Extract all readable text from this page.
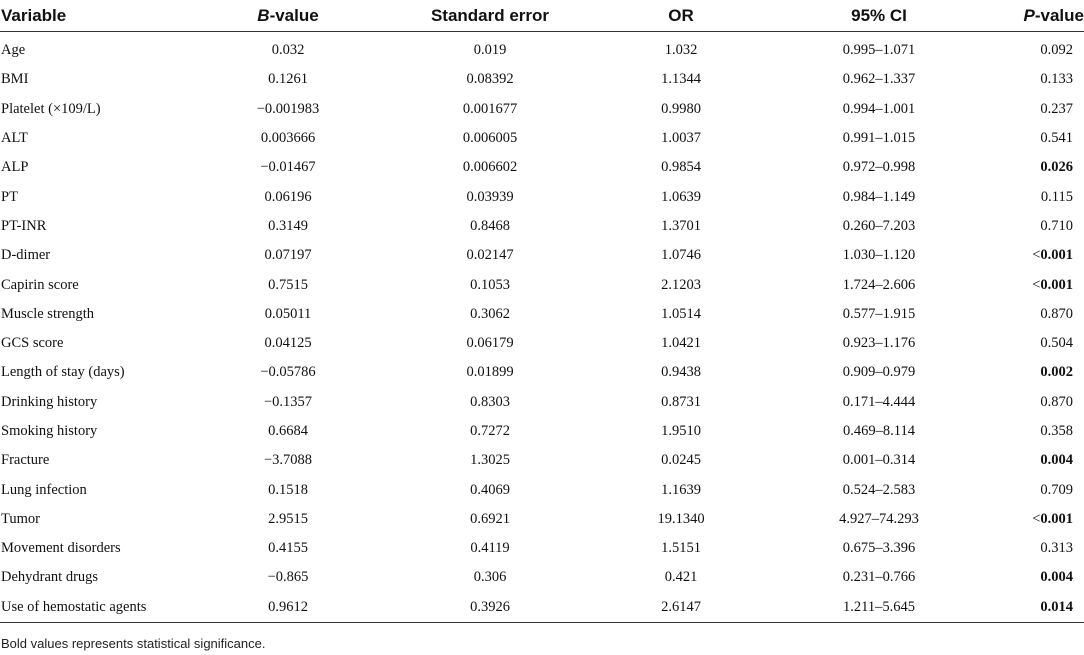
Variable	B-value	Standard error	OR	95% CI	P-value
Age	0.032	0.019	1.032	0.995–1.071	0.092
BMI	0.1261	0.08392	1.1344	0.962–1.337	0.133
Platelet (×109/L)	−0.001983	0.001677	0.9980	0.994–1.001	0.237
ALT	0.003666	0.006005	1.0037	0.991–1.015	0.541
ALP	−0.01467	0.006602	0.9854	0.972–0.998	0.026
PT	0.06196	0.03939	1.0639	0.984–1.149	0.115
PT-INR	0.3149	0.8468	1.3701	0.260–7.203	0.710
D-dimer	0.07197	0.02147	1.0746	1.030–1.120	<0.001
Capirin score	0.7515	0.1053	2.1203	1.724–2.606	<0.001
Muscle strength	0.05011	0.3062	1.0514	0.577–1.915	0.870
GCS score	0.04125	0.06179	1.0421	0.923–1.176	0.504
Length of stay (days)	−0.05786	0.01899	0.9438	0.909–0.979	0.002
Drinking history	−0.1357	0.8303	0.8731	0.171–4.444	0.870
Smoking history	0.6684	0.7272	1.9510	0.469–8.114	0.358
Fracture	−3.7088	1.3025	0.0245	0.001–0.314	0.004
Lung infection	0.1518	0.4069	1.1639	0.524–2.583	0.709
Tumor	2.9515	0.6921	19.1340	4.927–74.293	<0.001
Movement disorders	0.4155	0.4119	1.5151	0.675–3.396	0.313
Dehydrant drugs	−0.865	0.306	0.421	0.231–0.766	0.004
Use of hemostatic agents	0.9612	0.3926	2.6147	1.211–5.645	0.014
Bold values represents statistical significance.
